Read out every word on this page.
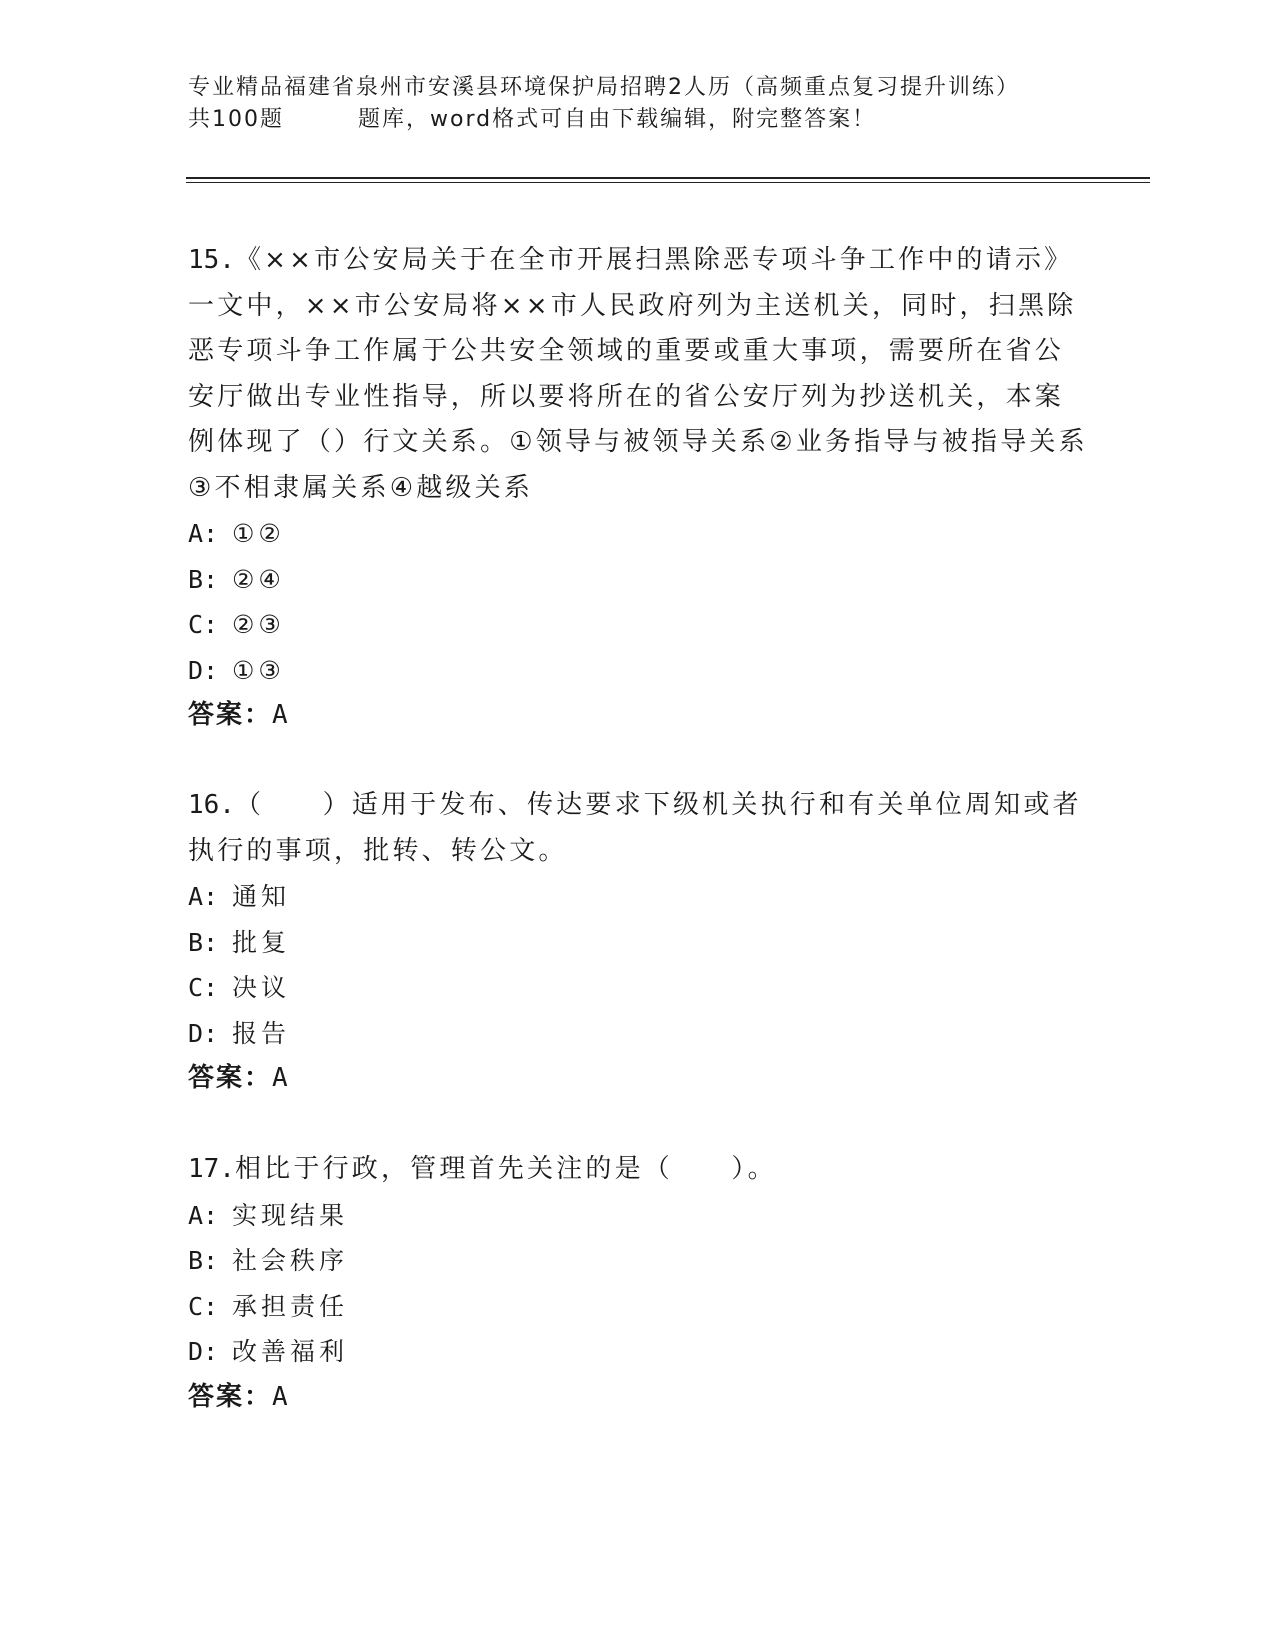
专业精品福建省泉州市安溪县环境保护局招聘2人历（高频重点复习提升训练）
共100题	题库，word格式可自由下载编辑，附完整答案！

15.《××市公安局关于在全市开展扫黑除恶专项斗争工作中的请示》一文中，××市公安局将××市人民政府列为主送机关，同时，扫黑除恶专项斗争工作属于公共安全领域的重要或重大事项，需要所在省公安厅做出专业性指导，所以要将所在的省公安厅列为抄送机关，本案例体现了（）行文关系。①领导与被领导关系②业务指导与被指导关系③不相隶属关系④越级关系

A: ①②
B: ②④
C: ②③
D: ①③
答案：A

16.（　　）适用于发布、传达要求下级机关执行和有关单位周知或者执行的事项，批转、转公文。

A: 通知
B: 批复
C: 决议
D: 报告
答案：A

17.相比于行政，管理首先关注的是（　　）。

A: 实现结果
B: 社会秩序
C: 承担责任
D: 改善福利
答案：A
